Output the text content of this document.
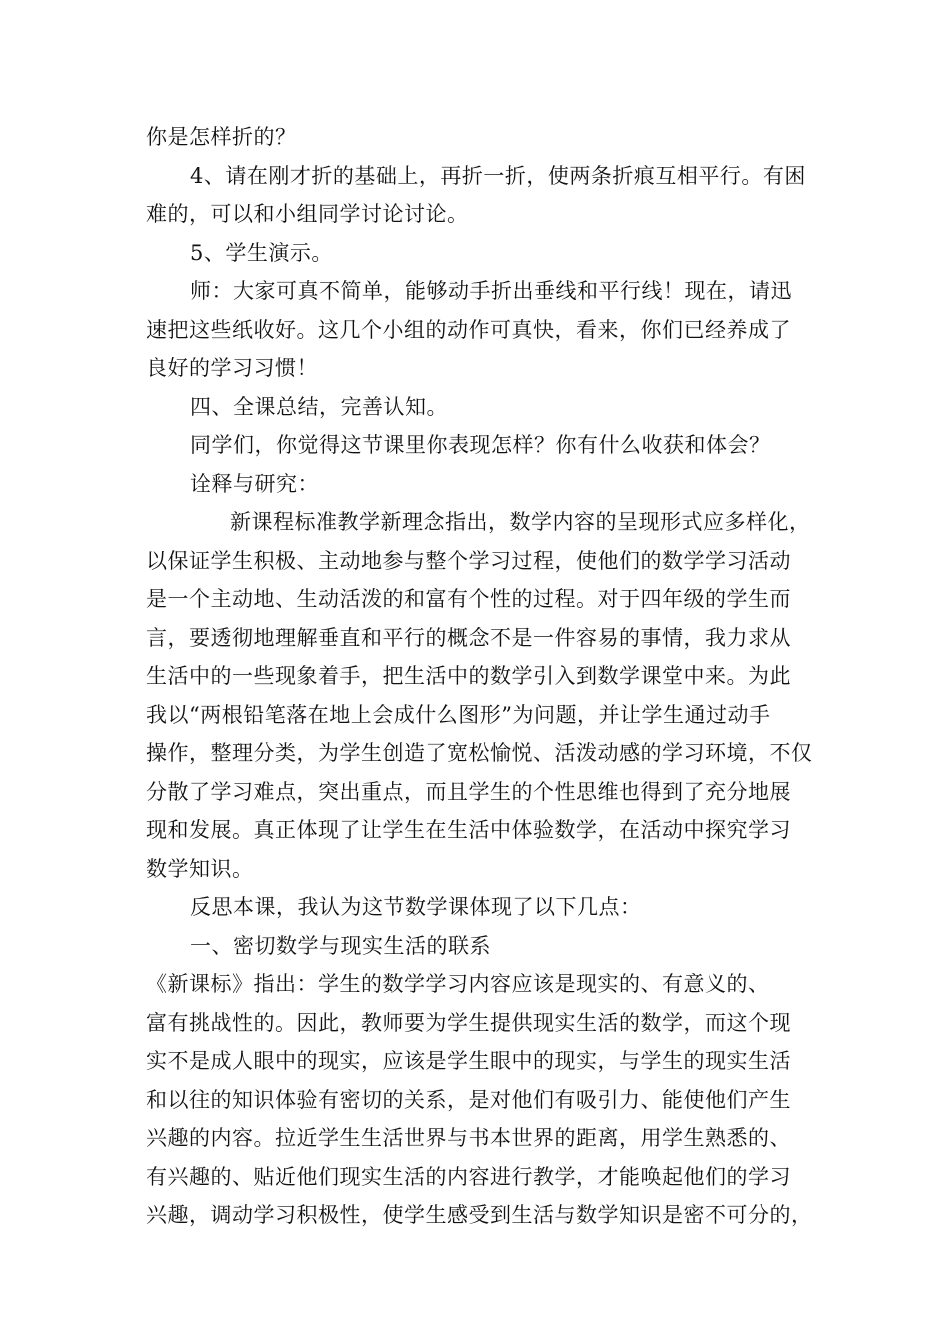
你是怎样折的？
4、请在刚才折的基础上，再折一折，使两条折痕互相平行。有困
难的，可以和小组同学讨论讨论。
5、学生演示。
师：大家可真不简单，能够动手折出垂线和平行线！现在，请迅
速把这些纸收好。这几个小组的动作可真快，看来，你们已经养成了
良好的学习习惯！
四、全课总结，完善认知。
同学们，你觉得这节课里你表现怎样？你有什么收获和体会？
诠释与研究：
新课程标准教学新理念指出，数学内容的呈现形式应多样化，
以保证学生积极、主动地参与整个学习过程，使他们的数学学习活动
是一个主动地、生动活泼的和富有个性的过程。对于四年级的学生而
言，要透彻地理解垂直和平行的概念不是一件容易的事情，我力求从
生活中的一些现象着手，把生活中的数学引入到数学课堂中来。为此
我以“两根铅笔落在地上会成什么图形”为问题，并让学生通过动手
操作，整理分类，为学生创造了宽松愉悦、活泼动感的学习环境，不仅
分散了学习难点，突出重点，而且学生的个性思维也得到了充分地展
现和发展。真正体现了让学生在生活中体验数学，在活动中探究学习
数学知识。
反思本课，我认为这节数学课体现了以下几点：
一、密切数学与现实生活的联系
《新课标》指出：学生的数学学习内容应该是现实的、有意义的、
富有挑战性的。因此，教师要为学生提供现实生活的数学，而这个现
实不是成人眼中的现实，应该是学生眼中的现实，与学生的现实生活
和以往的知识体验有密切的关系，是对他们有吸引力、能使他们产生
兴趣的内容。拉近学生生活世界与书本世界的距离，用学生熟悉的、
有兴趣的、贴近他们现实生活的内容进行教学，才能唤起他们的学习
兴趣，调动学习积极性，使学生感受到生活与数学知识是密不可分的，
